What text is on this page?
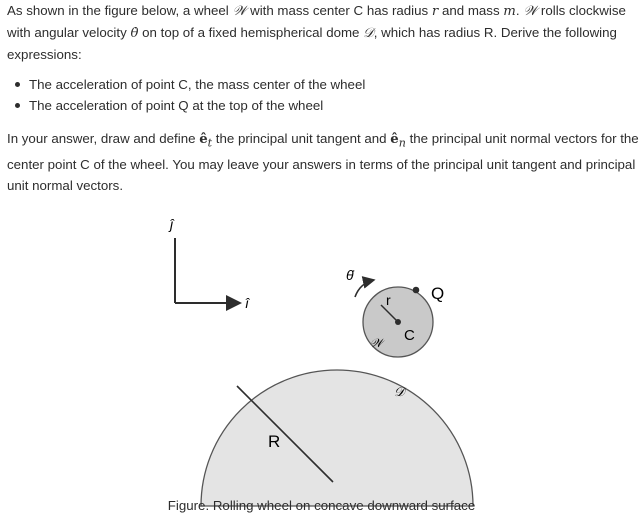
As shown in the figure below, a wheel 𝒲 with mass center C has radius r and mass m. 𝒲 rolls clockwise with angular velocity θ̇ on top of a fixed hemispherical dome 𝒟, which has radius R. Derive the following expressions:
The acceleration of point C, the mass center of the wheel
The acceleration of point Q at the top of the wheel
In your answer, draw and define $ê_t$ the principal unit tangent and $ê_n$ the principal unit normal vectors for the center point C of the wheel. You may leave your answers in terms of the principal unit tangent and principal unit normal vectors.
ĵ
î
R
𝒟
r
C
Q
𝒲
θ̇
Figure. Rolling wheel on concave downward surface
